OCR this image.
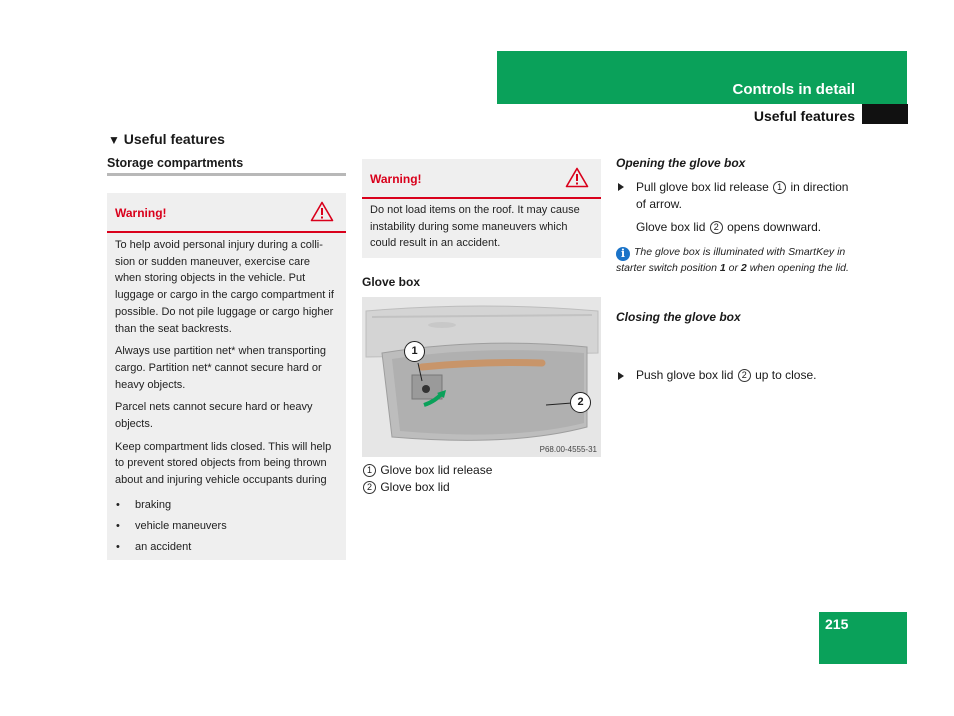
Controls in detail
Useful features
▼ Useful features
Storage compartments
Warning!

To help avoid personal injury during a colli-sion or sudden maneuver, exercise care when storing objects in the vehicle. Put luggage or cargo in the cargo compartment if possible. Do not pile luggage or cargo higher than the seat backrests.

Always use partition net* when transporting cargo. Partition net* cannot secure hard or heavy objects.

Parcel nets cannot secure hard or heavy objects.

Keep compartment lids closed. This will help to prevent stored objects from being thrown about and injuring vehicle occupants during

• braking
• vehicle maneuvers
• an accident
Warning!
Do not load items on the roof. It may cause instability during some maneuvers which could result in an accident.
Glove box
1
2
P68.00-4555-31
1 Glove box lid release
2 Glove box lid
Opening the glove box
Pull glove box lid release 1 in direction of arrow.
Glove box lid 2 opens downward.
i The glove box is illuminated with SmartKey in starter switch position 1 or 2 when opening the lid.
Closing the glove box
Push glove box lid 2 up to close.
215
